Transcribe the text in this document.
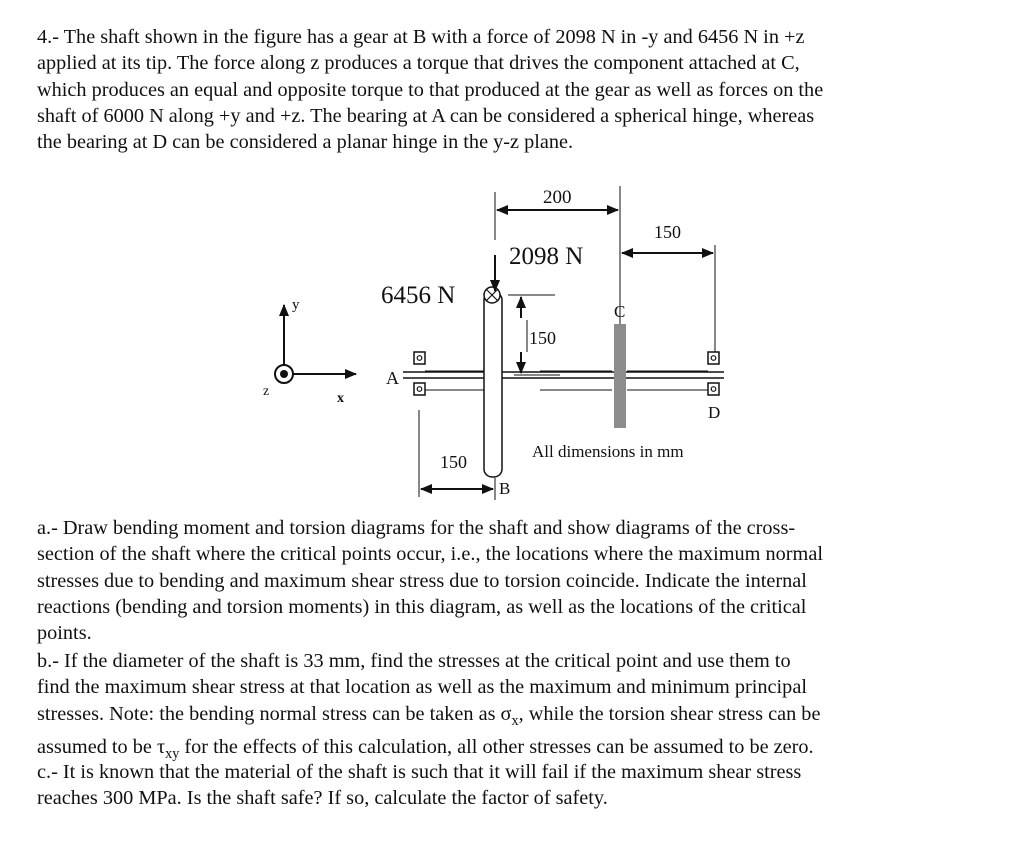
4.- The shaft shown in the figure has a gear at B with a force of 2098 N in -y and 6456 N in +z
applied at its tip. The force along z produces a torque that drives the component attached at C,
which produces an equal and opposite torque to that produced at the gear as well as forces on the
shaft of 6000 N along +y and +z. The bearing at A can be considered a spherical hinge, whereas
the bearing at D can be considered a planar hinge in the y-z plane.
y
z	x
A
D
C
2098 N
6456 N
200
150
150
150
B
All dimensions in mm
a.- Draw bending moment and torsion diagrams for the shaft and show diagrams of the cross-
section of the shaft where the critical points occur, i.e., the locations where the maximum normal
stresses due to bending and maximum shear stress due to torsion coincide. Indicate the internal
reactions (bending and torsion moments) in this diagram, as well as the locations of the critical
points.
b.- If the diameter of the shaft is 33 mm, find the stresses at the critical point and use them to
find the maximum shear stress at that location as well as the maximum and minimum principal
stresses. Note: the bending normal stress can be taken as $\sigma_x$, while the torsion shear stress can be
assumed to be $\tau_{xy}$ for the effects of this calculation, all other stresses can be assumed to be zero.
c.- It is known that the material of the shaft is such that it will fail if the maximum shear stress
reaches 300 MPa. Is the shaft safe? If so, calculate the factor of safety.
